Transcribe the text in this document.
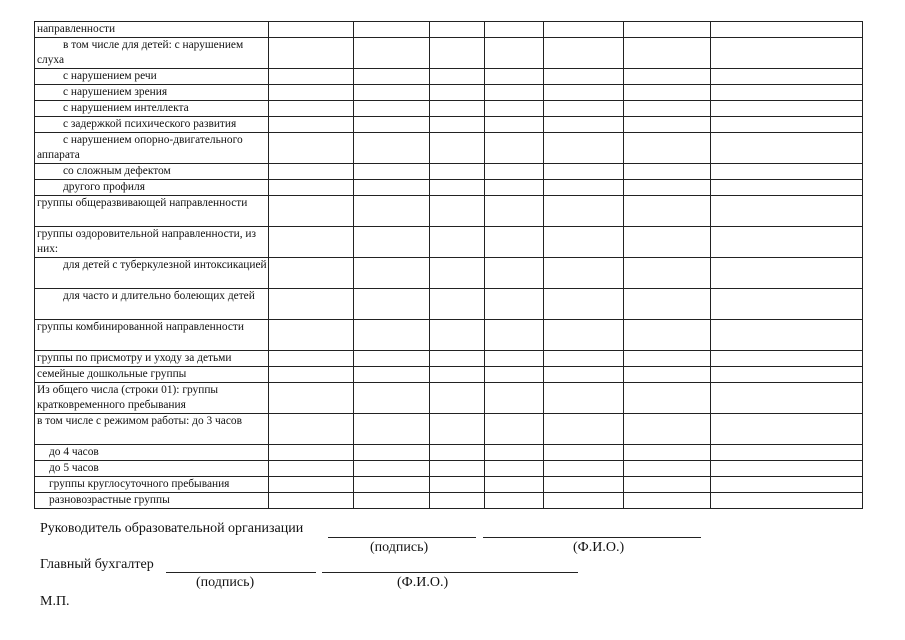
направленности							
в том числе для детей: с нарушением слуха							
с нарушением речи							
с нарушением зрения							
с нарушением интеллекта							
с задержкой психического развития							
с нарушением опорно-двигательного аппарата							
со сложным дефектом							
другого профиля							
группы общеразвивающей направленности							
группы оздоровительной направленности, из них:							
для детей с туберкулезной интоксикацией							
для часто и длительно болеющих детей							
группы комбинированной направленности							
группы по присмотру и уходу за детьми							
семейные дошкольные группы							
Из общего числа (строки 01): группы кратковременного пребывания							
в том числе с режимом работы: до 3 часов							
до 4 часов							
до 5 часов							
группы круглосуточного пребывания							
разновозрастные группы							
Руководитель образовательной организации
(подпись)	(Ф.И.О.)
Главный бухгалтер
(подпись)	(Ф.И.О.)
М.П.
